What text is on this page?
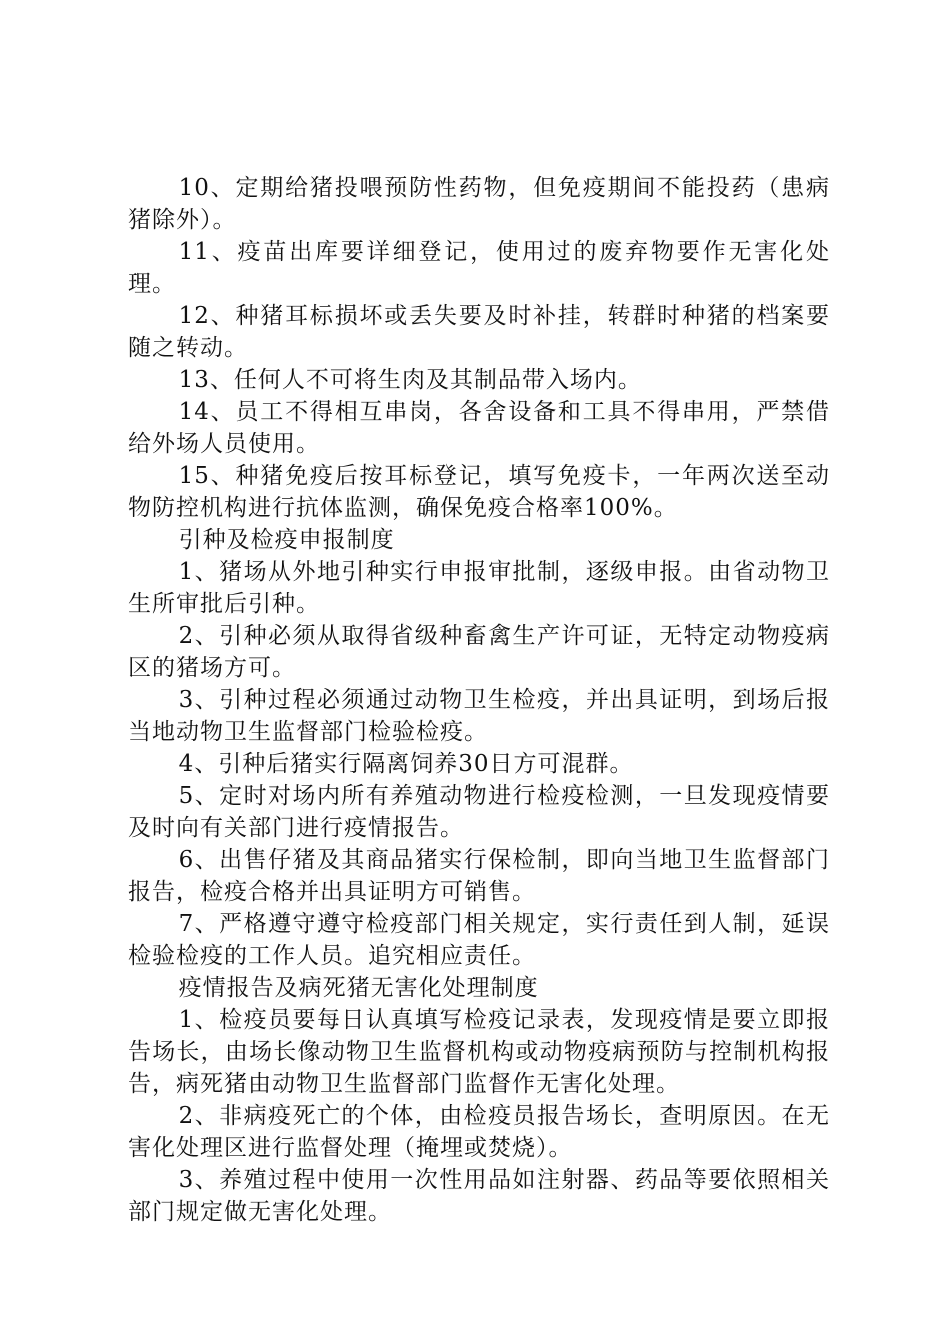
10、定期给猪投喂预防性药物，但免疫期间不能投药（患病猪除外）。

11、疫苗出库要详细登记，使用过的废弃物要作无害化处理。

12、种猪耳标损坏或丢失要及时补挂，转群时种猪的档案要随之转动。

13、任何人不可将生肉及其制品带入场内。

14、员工不得相互串岗，各舍设备和工具不得串用，严禁借给外场人员使用。

15、种猪免疫后按耳标登记，填写免疫卡，一年两次送至动物防控机构进行抗体监测，确保免疫合格率100%。

引种及检疫申报制度

1、猪场从外地引种实行申报审批制，逐级申报。由省动物卫生所审批后引种。

2、引种必须从取得省级种畜禽生产许可证，无特定动物疫病区的猪场方可。

3、引种过程必须通过动物卫生检疫，并出具证明，到场后报当地动物卫生监督部门检验检疫。

4、引种后猪实行隔离饲养30日方可混群。

5、定时对场内所有养殖动物进行检疫检测，一旦发现疫情要及时向有关部门进行疫情报告。

6、出售仔猪及其商品猪实行保检制，即向当地卫生监督部门报告，检疫合格并出具证明方可销售。

7、严格遵守遵守检疫部门相关规定，实行责任到人制，延误检验检疫的工作人员。追究相应责任。

疫情报告及病死猪无害化处理制度

1、检疫员要每日认真填写检疫记录表，发现疫情是要立即报告场长，由场长像动物卫生监督机构或动物疫病预防与控制机构报告，病死猪由动物卫生监督部门监督作无害化处理。

2、非病疫死亡的个体，由检疫员报告场长，查明原因。在无害化处理区进行监督处理（掩埋或焚烧）。

3、养殖过程中使用一次性用品如注射器、药品等要依照相关部门规定做无害化处理。
